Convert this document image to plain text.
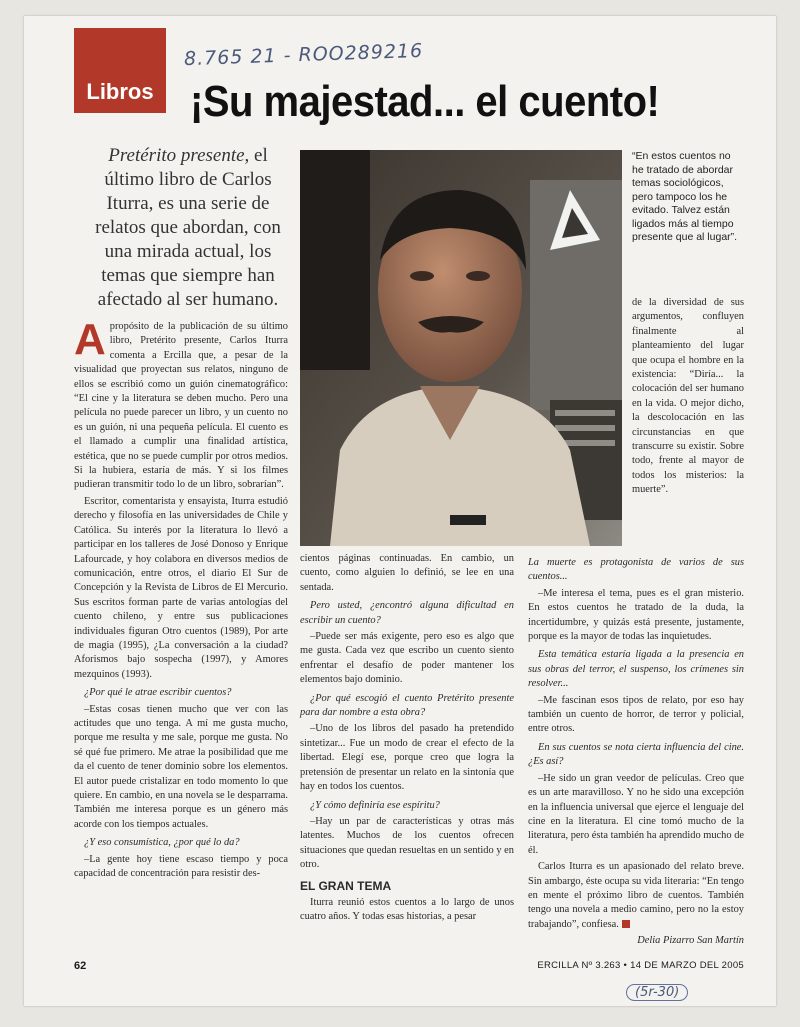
Libros
8.765 21 - ROO289216
¡Su majestad... el cuento!
Pretérito presente, el último libro de Carlos Iturra, es una serie de relatos que abordan, con una mirada actual, los temas que siempre han afectado al ser humano.
“En estos cuentos no he tratado de abordar temas sociológicos, pero tampoco los he evitado. Talvez están ligados más al tiempo presente que al lugar”.

de la diversidad de sus argumentos, confluyen finalmente al planteamiento del lugar que ocupa el hombre en la existencia: “Diría... la colocación del ser humano en la vida. O mejor dicho, la descolocación en las circunstancias en que transcurre su existir. Sobre todo, frente al mayor de todos los misterios: la muerte”.

Apropósito de la publicación de su último libro, Pretérito presente, Carlos Iturra comenta a Ercilla que, a pesar de la visualidad que proyectan sus relatos, ninguno de ellos se escribió como un guión cinematográfico: “El cine y la literatura se deben mucho. Pero una película no puede parecer un libro, y un cuento no es un guión, ni una pequeña película. El cuento es el llamado a cumplir una finalidad artística, estética, que no se puede cumplir por otros medios. Si la hubiera, estaría de más. Y si los filmes pudieran transmitir todo lo de un libro, sobrarían”.

Escritor, comentarista y ensayista, Iturra estudió derecho y filosofía en las universidades de Chile y Católica. Su interés por la literatura lo llevó a participar en los talleres de José Donoso y Enrique Lafourcade, y hoy colabora en diversos medios de comunicación, entre otros, el diario El Sur de Concepción y la Revista de Libros de El Mercurio. Sus escritos forman parte de varias antologías del cuento chileno, y entre sus publicaciones individuales figuran Otro cuentos (1989), Por arte de magia (1995), ¿La conversación a la ciudad? Aforismos bajo sospecha (1997), y Amores mezquinos (1993).

¿Por qué le atrae escribir cuentos?

–Estas cosas tienen mucho que ver con las actitudes que uno tenga. A mí me gusta mucho, porque me resulta y me sale, porque me gusta. No sé qué fue primero. Me atrae la posibilidad que me da el cuento de tener dominio sobre los elementos. El autor puede cristalizar en todo momento lo que quiere. En cambio, en una novela se le desparrama. También me interesa porque es un género más acorde con los tiempos actuales.

¿Y eso consumística, ¿por qué lo da?

–La gente hoy tiene escaso tiempo y poca capacidad de concentración para resistir des-

cientos páginas continuadas. En cambio, un cuento, como alguien lo definió, se lee en una sentada.

Pero usted, ¿encontró alguna dificultad en escribir un cuento?

–Puede ser más exigente, pero eso es algo que me gusta. Cada vez que escribo un cuento siento enfrentar el desafío de poder mantener los elementos bajo dominio.

¿Por qué escogió el cuento Pretérito presente para dar nombre a esta obra?

–Uno de los libros del pasado ha pretendido sintetizar... Fue un modo de crear el efecto de la libertad. Elegí ese, porque creo que logra la pretensión de presentar un relato en la sintonía que hay en todos los cuentos.

¿Y cómo definiría ese espíritu?

–Hay un par de características y otras más latentes. Muchos de los cuentos ofrecen situaciones que quedan resueltas en un sentido y en otro.

EL GRAN TEMA

Iturra reunió estos cuentos a lo largo de unos cuatro años. Y todas esas historias, a pesar

La muerte es protagonista de varios de sus cuentos...

–Me interesa el tema, pues es el gran misterio. En estos cuentos he tratado de la duda, la incertidumbre, y quizás está presente, justamente, porque es la mayor de todas las inquietudes.

Esta temática estaría ligada a la presencia en sus obras del terror, el suspenso, los crímenes sin resolver...

–Me fascinan esos tipos de relato, por eso hay también un cuento de horror, de terror y policial, entre otros.

En sus cuentos se nota cierta influencia del cine. ¿Es así?

–He sido un gran veedor de películas. Creo que es un arte maravilloso. Y no he sido una excepción en la influencia universal que ejerce el lenguaje del cine en la literatura. El cine tomó mucho de la literatura, pero ésta también ha aprendido mucho de él.

Carlos Iturra es un apasionado del relato breve. Sin ambargo, éste ocupa su vida literaria: “En tengo en mente el próximo libro de cuentos. También tengo una novela a medio camino, pero no la estoy trabajando”, confiesa.

Delia Pizarro San Martín
62	ERCILLA Nº 3.263 • 14 DE MARZO DEL 2005
(5r-30)
